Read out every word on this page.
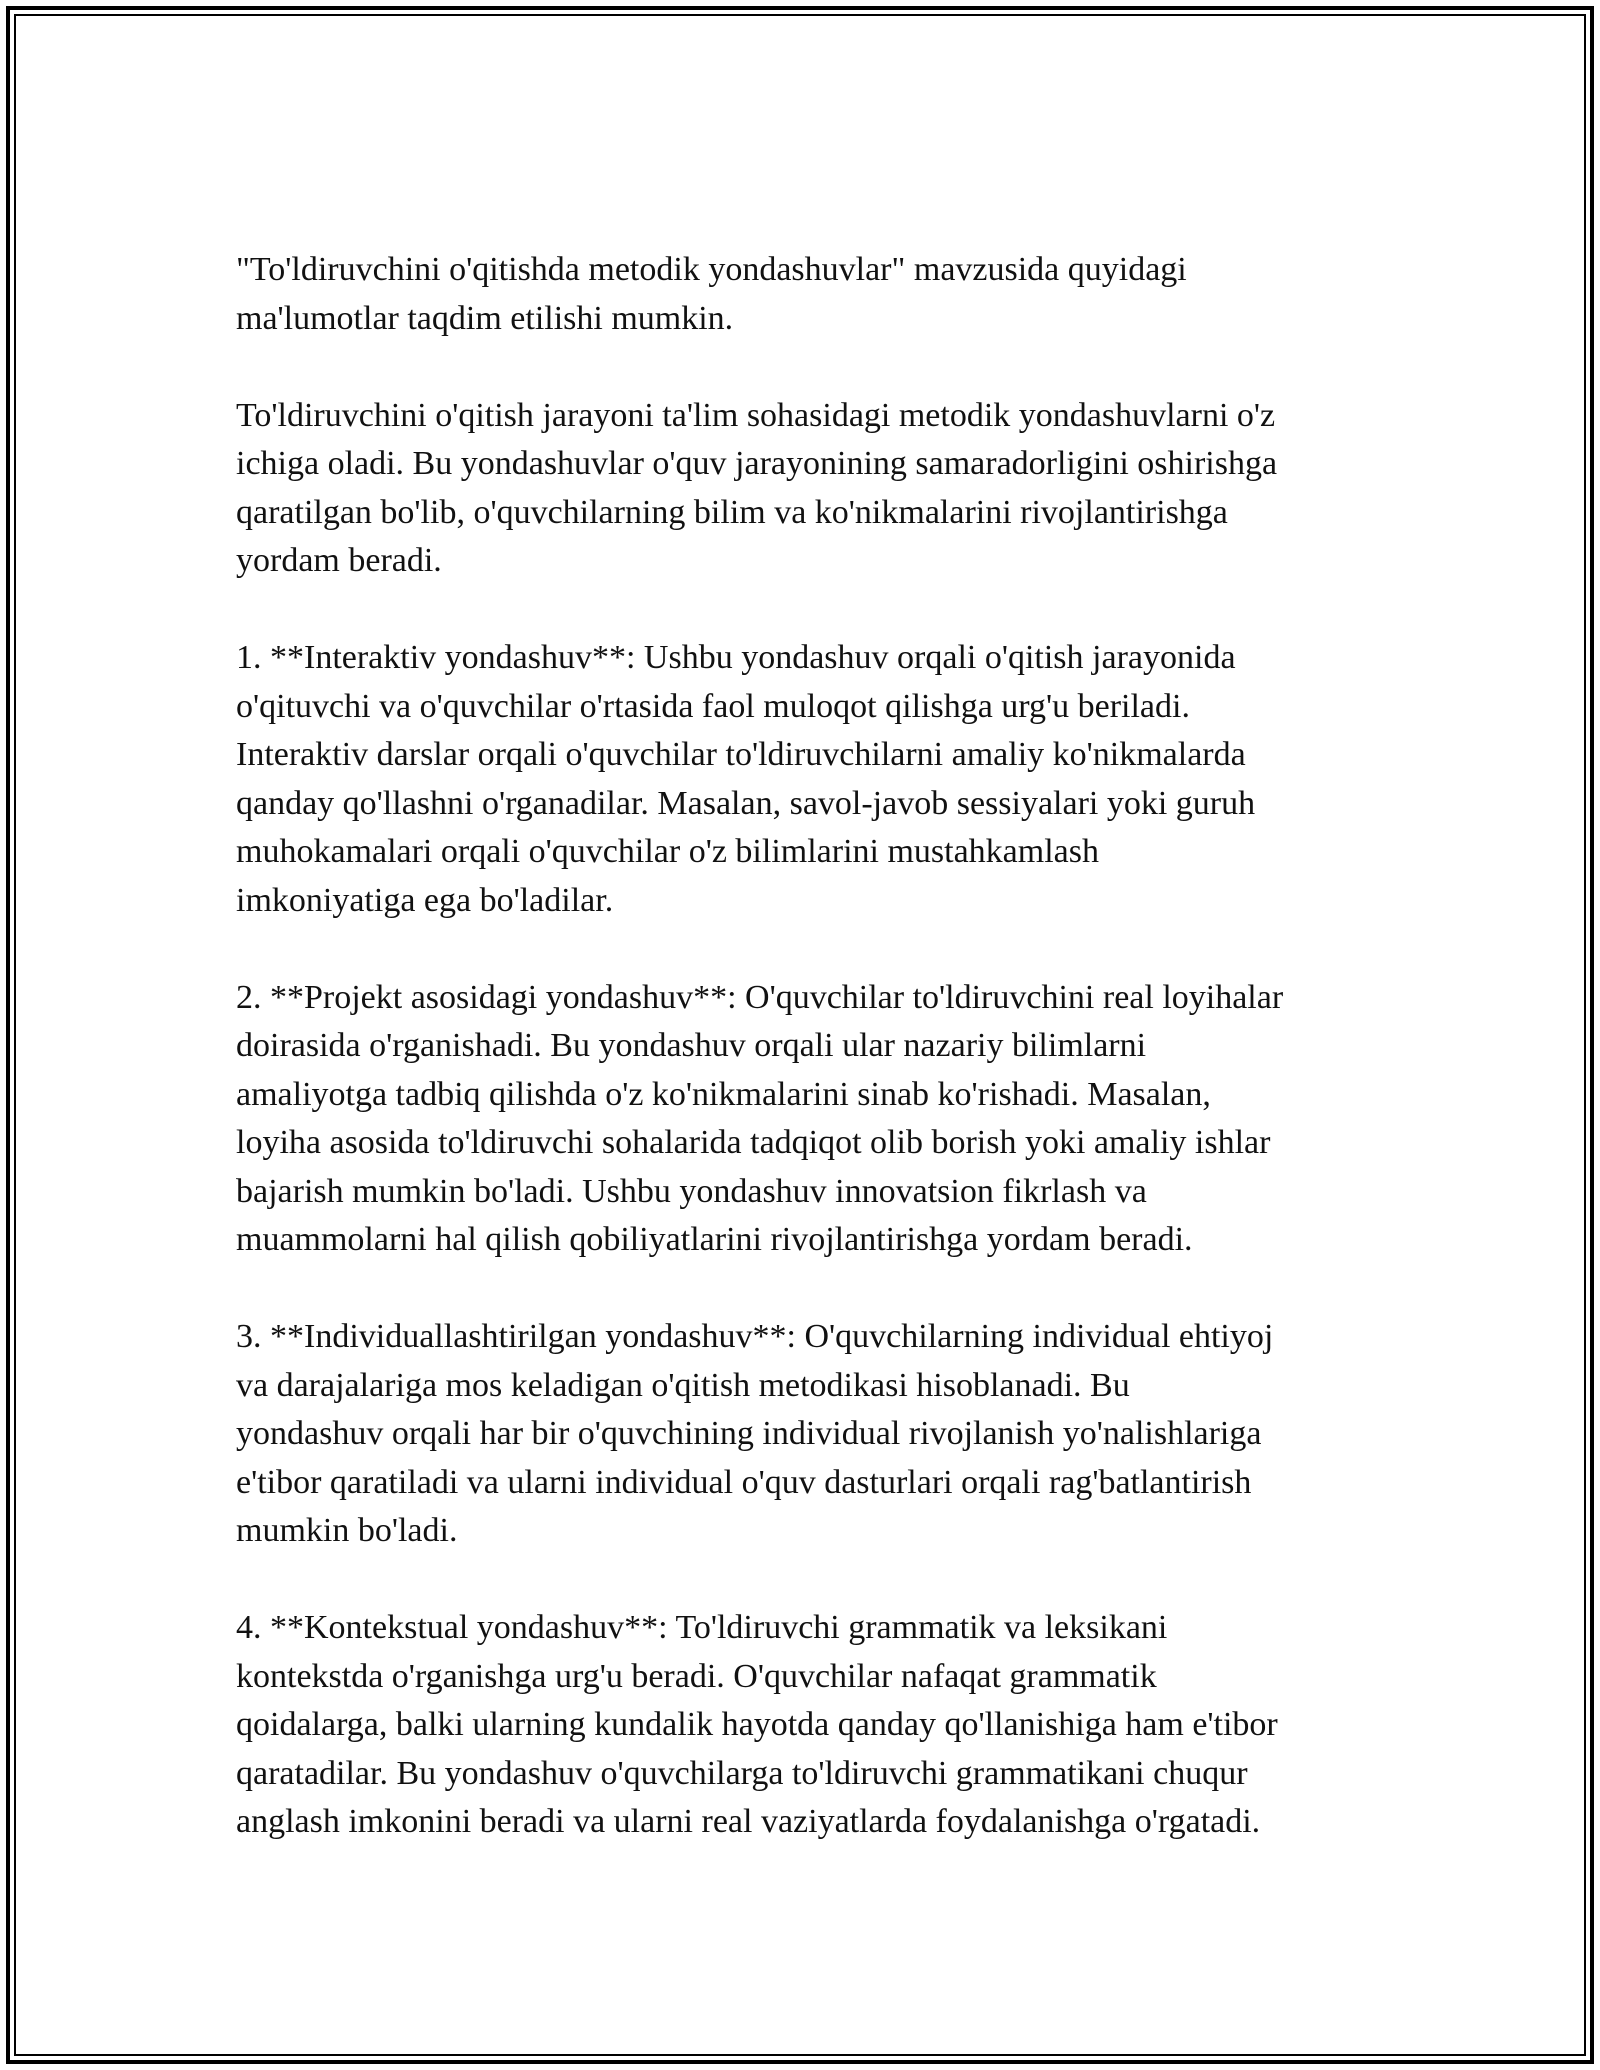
"To'ldiruvchini o'qitishda metodik yondashuvlar" mavzusida quyidagi
ma'lumotlar taqdim etilishi mumkin.

To'ldiruvchini o'qitish jarayoni ta'lim sohasidagi metodik yondashuvlarni o'z
ichiga oladi. Bu yondashuvlar o'quv jarayonining samaradorligini oshirishga
qaratilgan bo'lib, o'quvchilarning bilim va ko'nikmalarini rivojlantirishga
yordam beradi.

1. **Interaktiv yondashuv**: Ushbu yondashuv orqali o'qitish jarayonida
o'qituvchi va o'quvchilar o'rtasida faol muloqot qilishga urg'u beriladi.
Interaktiv darslar orqali o'quvchilar to'ldiruvchilarni amaliy ko'nikmalarda
qanday qo'llashni o'rganadilar. Masalan, savol-javob sessiyalari yoki guruh
muhokamalari orqali o'quvchilar o'z bilimlarini mustahkamlash
imkoniyatiga ega bo'ladilar.

2. **Projekt asosidagi yondashuv**: O'quvchilar to'ldiruvchini real loyihalar
doirasida o'rganishadi. Bu yondashuv orqali ular nazariy bilimlarni
amaliyotga tadbiq qilishda o'z ko'nikmalarini sinab ko'rishadi. Masalan,
loyiha asosida to'ldiruvchi sohalarida tadqiqot olib borish yoki amaliy ishlar
bajarish mumkin bo'ladi. Ushbu yondashuv innovatsion fikrlash va
muammolarni hal qilish qobiliyatlarini rivojlantirishga yordam beradi.

3. **Individuallashtirilgan yondashuv**: O'quvchilarning individual ehtiyoj
va darajalariga mos keladigan o'qitish metodikasi hisoblanadi. Bu
yondashuv orqali har bir o'quvchining individual rivojlanish yo'nalishlariga
e'tibor qaratiladi va ularni individual o'quv dasturlari orqali rag'batlantirish
mumkin bo'ladi.

4. **Kontekstual yondashuv**: To'ldiruvchi grammatik va leksikani
kontekstda o'rganishga urg'u beradi. O'quvchilar nafaqat grammatik
qoidalarga, balki ularning kundalik hayotda qanday qo'llanishiga ham e'tibor
qaratadilar. Bu yondashuv o'quvchilarga to'ldiruvchi grammatikani chuqur
anglash imkonini beradi va ularni real vaziyatlarda foydalanishga o'rgatadi.
